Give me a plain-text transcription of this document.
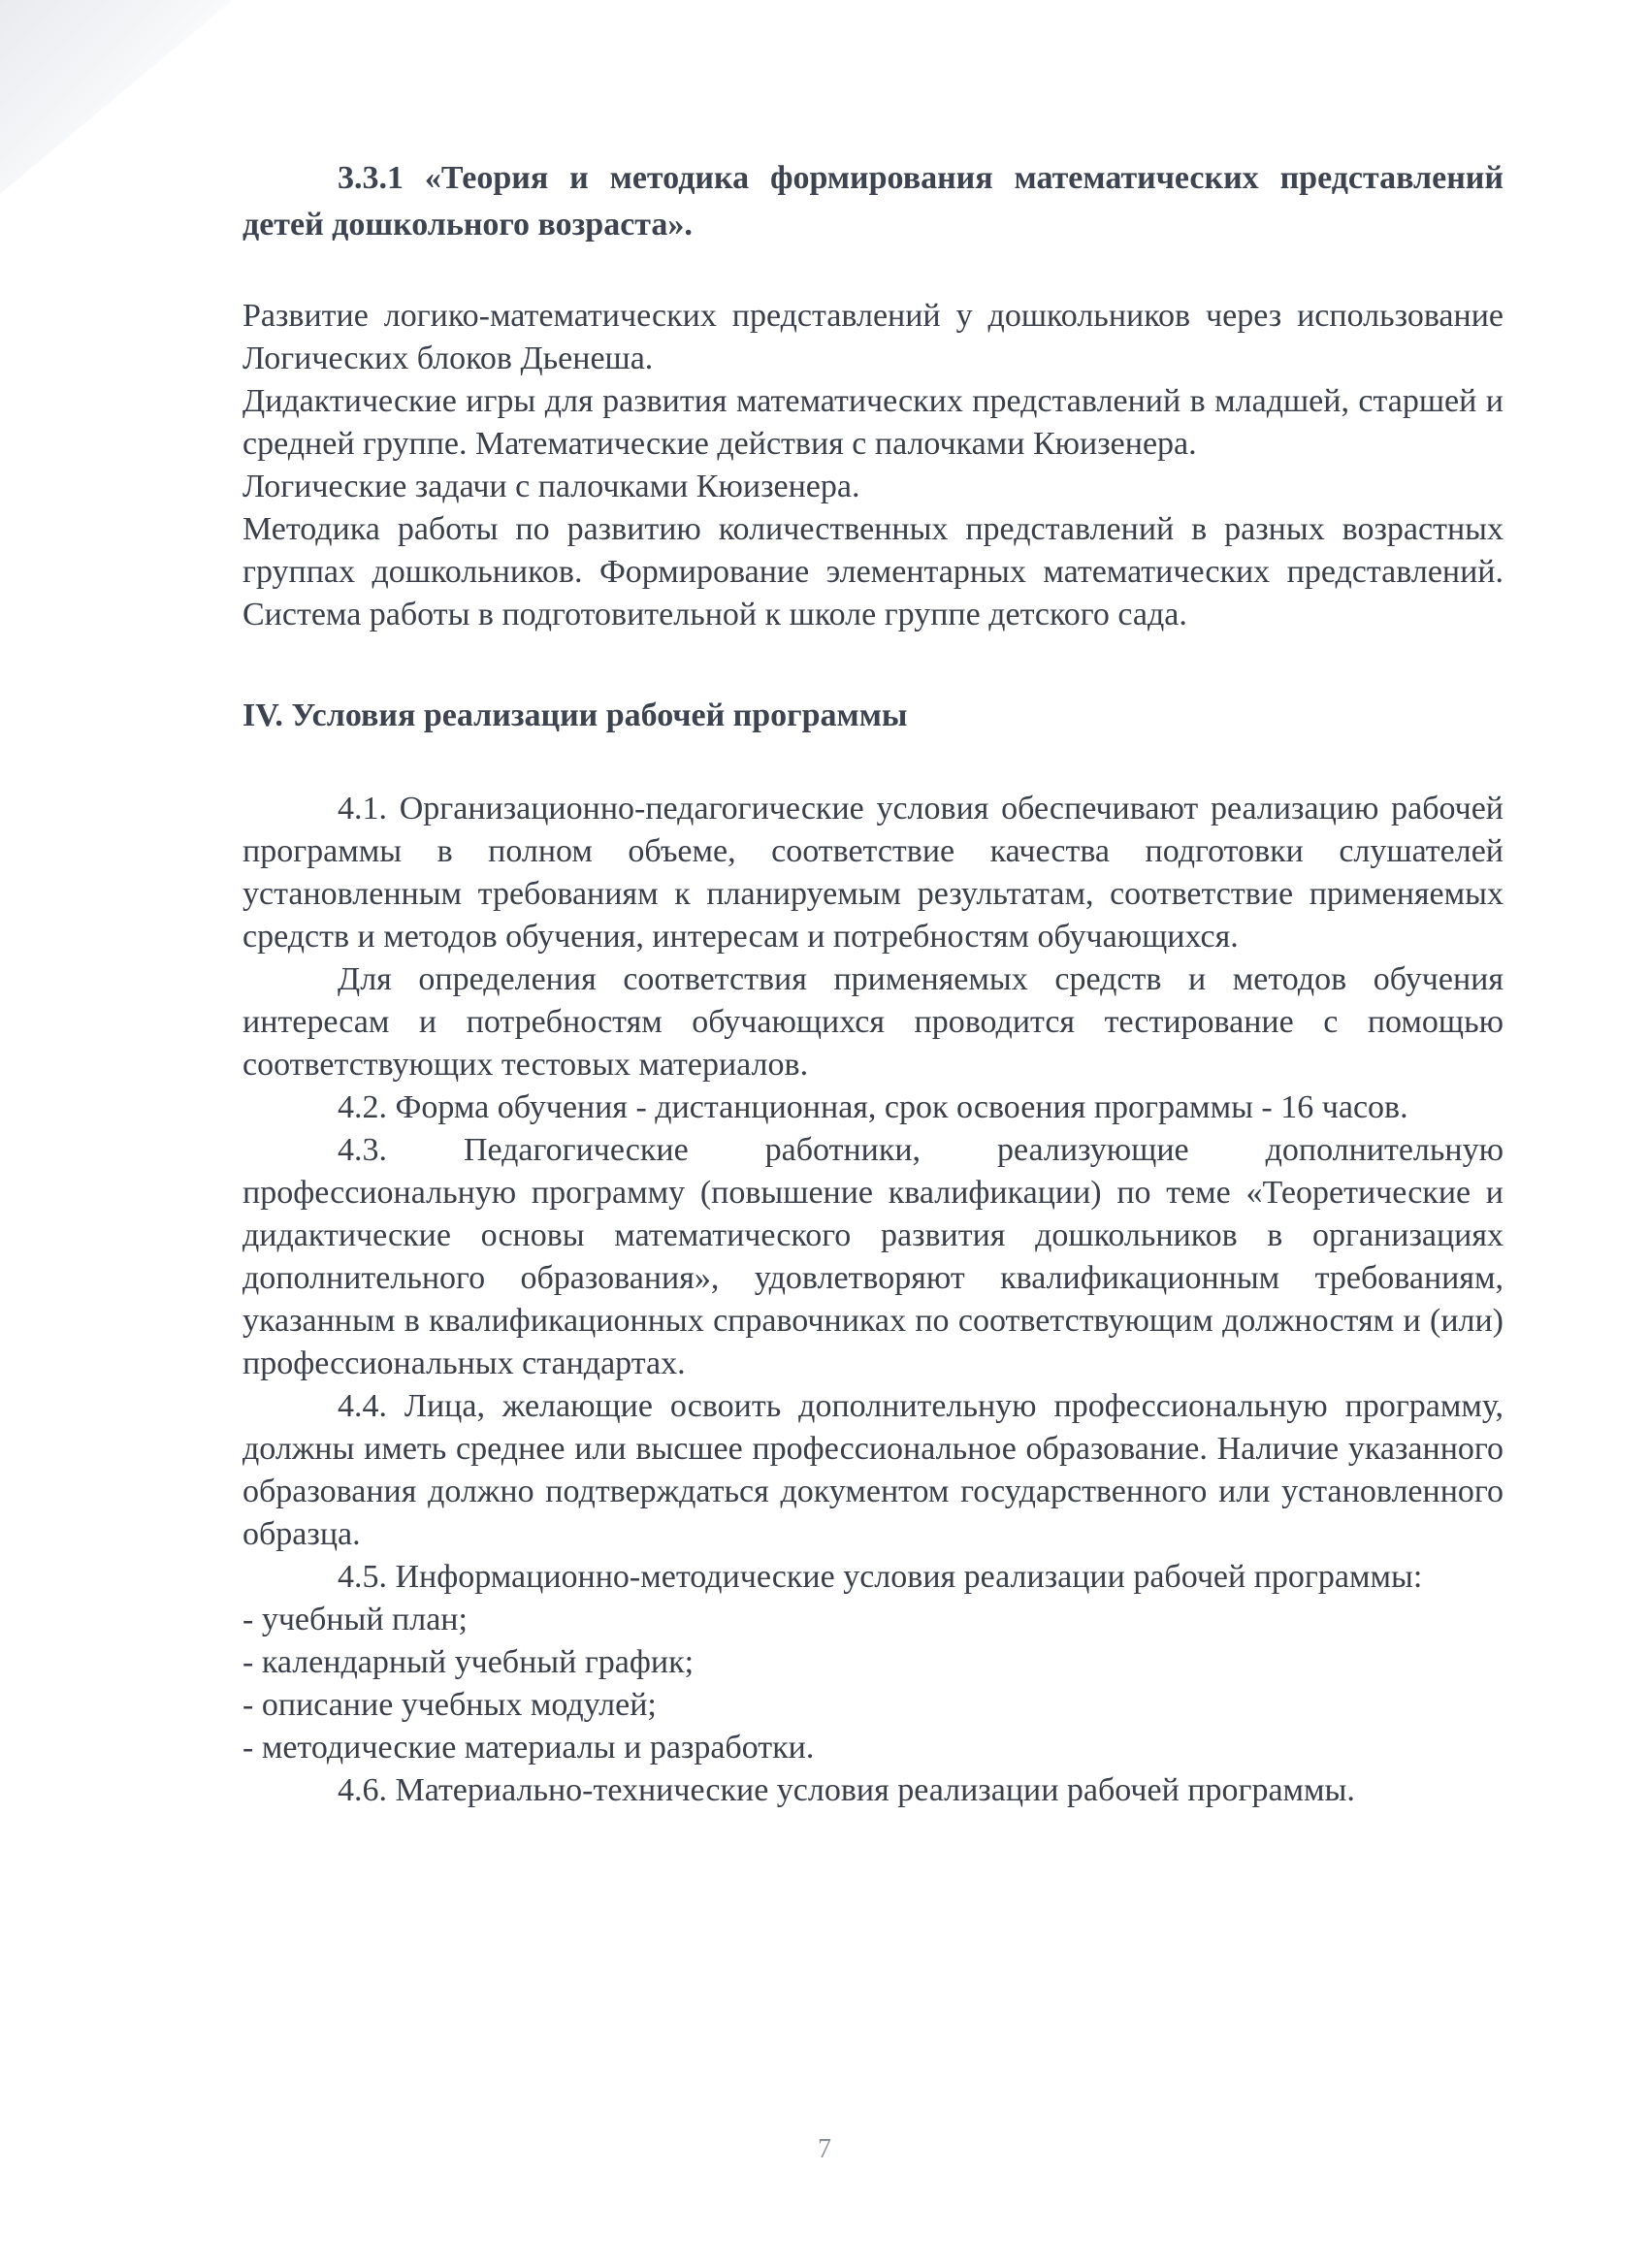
3.3.1 «Теория и методика формирования математических представлений детей дошкольного возраста».

Развитие логико-математических представлений у дошкольников через использование Логических блоков Дьенеша.

Дидактические игры для развития математических представлений в младшей, старшей и средней группе. Математические действия с палочками Кюизенера.

Логические задачи с палочками Кюизенера.

Методика работы по развитию количественных представлений в разных возрастных группах дошкольников. Формирование элементарных математических представлений. Система работы в подготовительной к школе группе детского сада.

IV. Условия реализации рабочей программы

4.1. Организационно-педагогические условия обеспечивают реализацию рабочей программы в полном объеме, соответствие качества подготовки слушателей установленным требованиям к планируемым результатам, соответствие применяемых средств и методов обучения, интересам и потребностям обучающихся.

Для определения соответствия применяемых средств и методов обучения интересам и потребностям обучающихся проводится тестирование с помощью соответствующих тестовых материалов.

4.2. Форма обучения - дистанционная, срок освоения программы - 16 часов.

4.3. Педагогические работники, реализующие дополнительную профессиональную программу (повышение квалификации) по теме «Теоретические и дидактические основы математического развития дошкольников в организациях дополнительного образования», удовлетворяют квалификационным требованиям, указанным в квалификационных справочниках по соответствующим должностям и (или) профессиональных стандартах.

4.4. Лица, желающие освоить дополнительную профессиональную программу, должны иметь среднее или высшее профессиональное образование. Наличие указанного образования должно подтверждаться документом государственного или установленного образца.

4.5. Информационно-методические условия реализации рабочей программы:

- учебный план;
- календарный учебный график;
- описание учебных модулей;
- методические материалы и разработки.

4.6. Материально-технические условия реализации рабочей программы.

7
